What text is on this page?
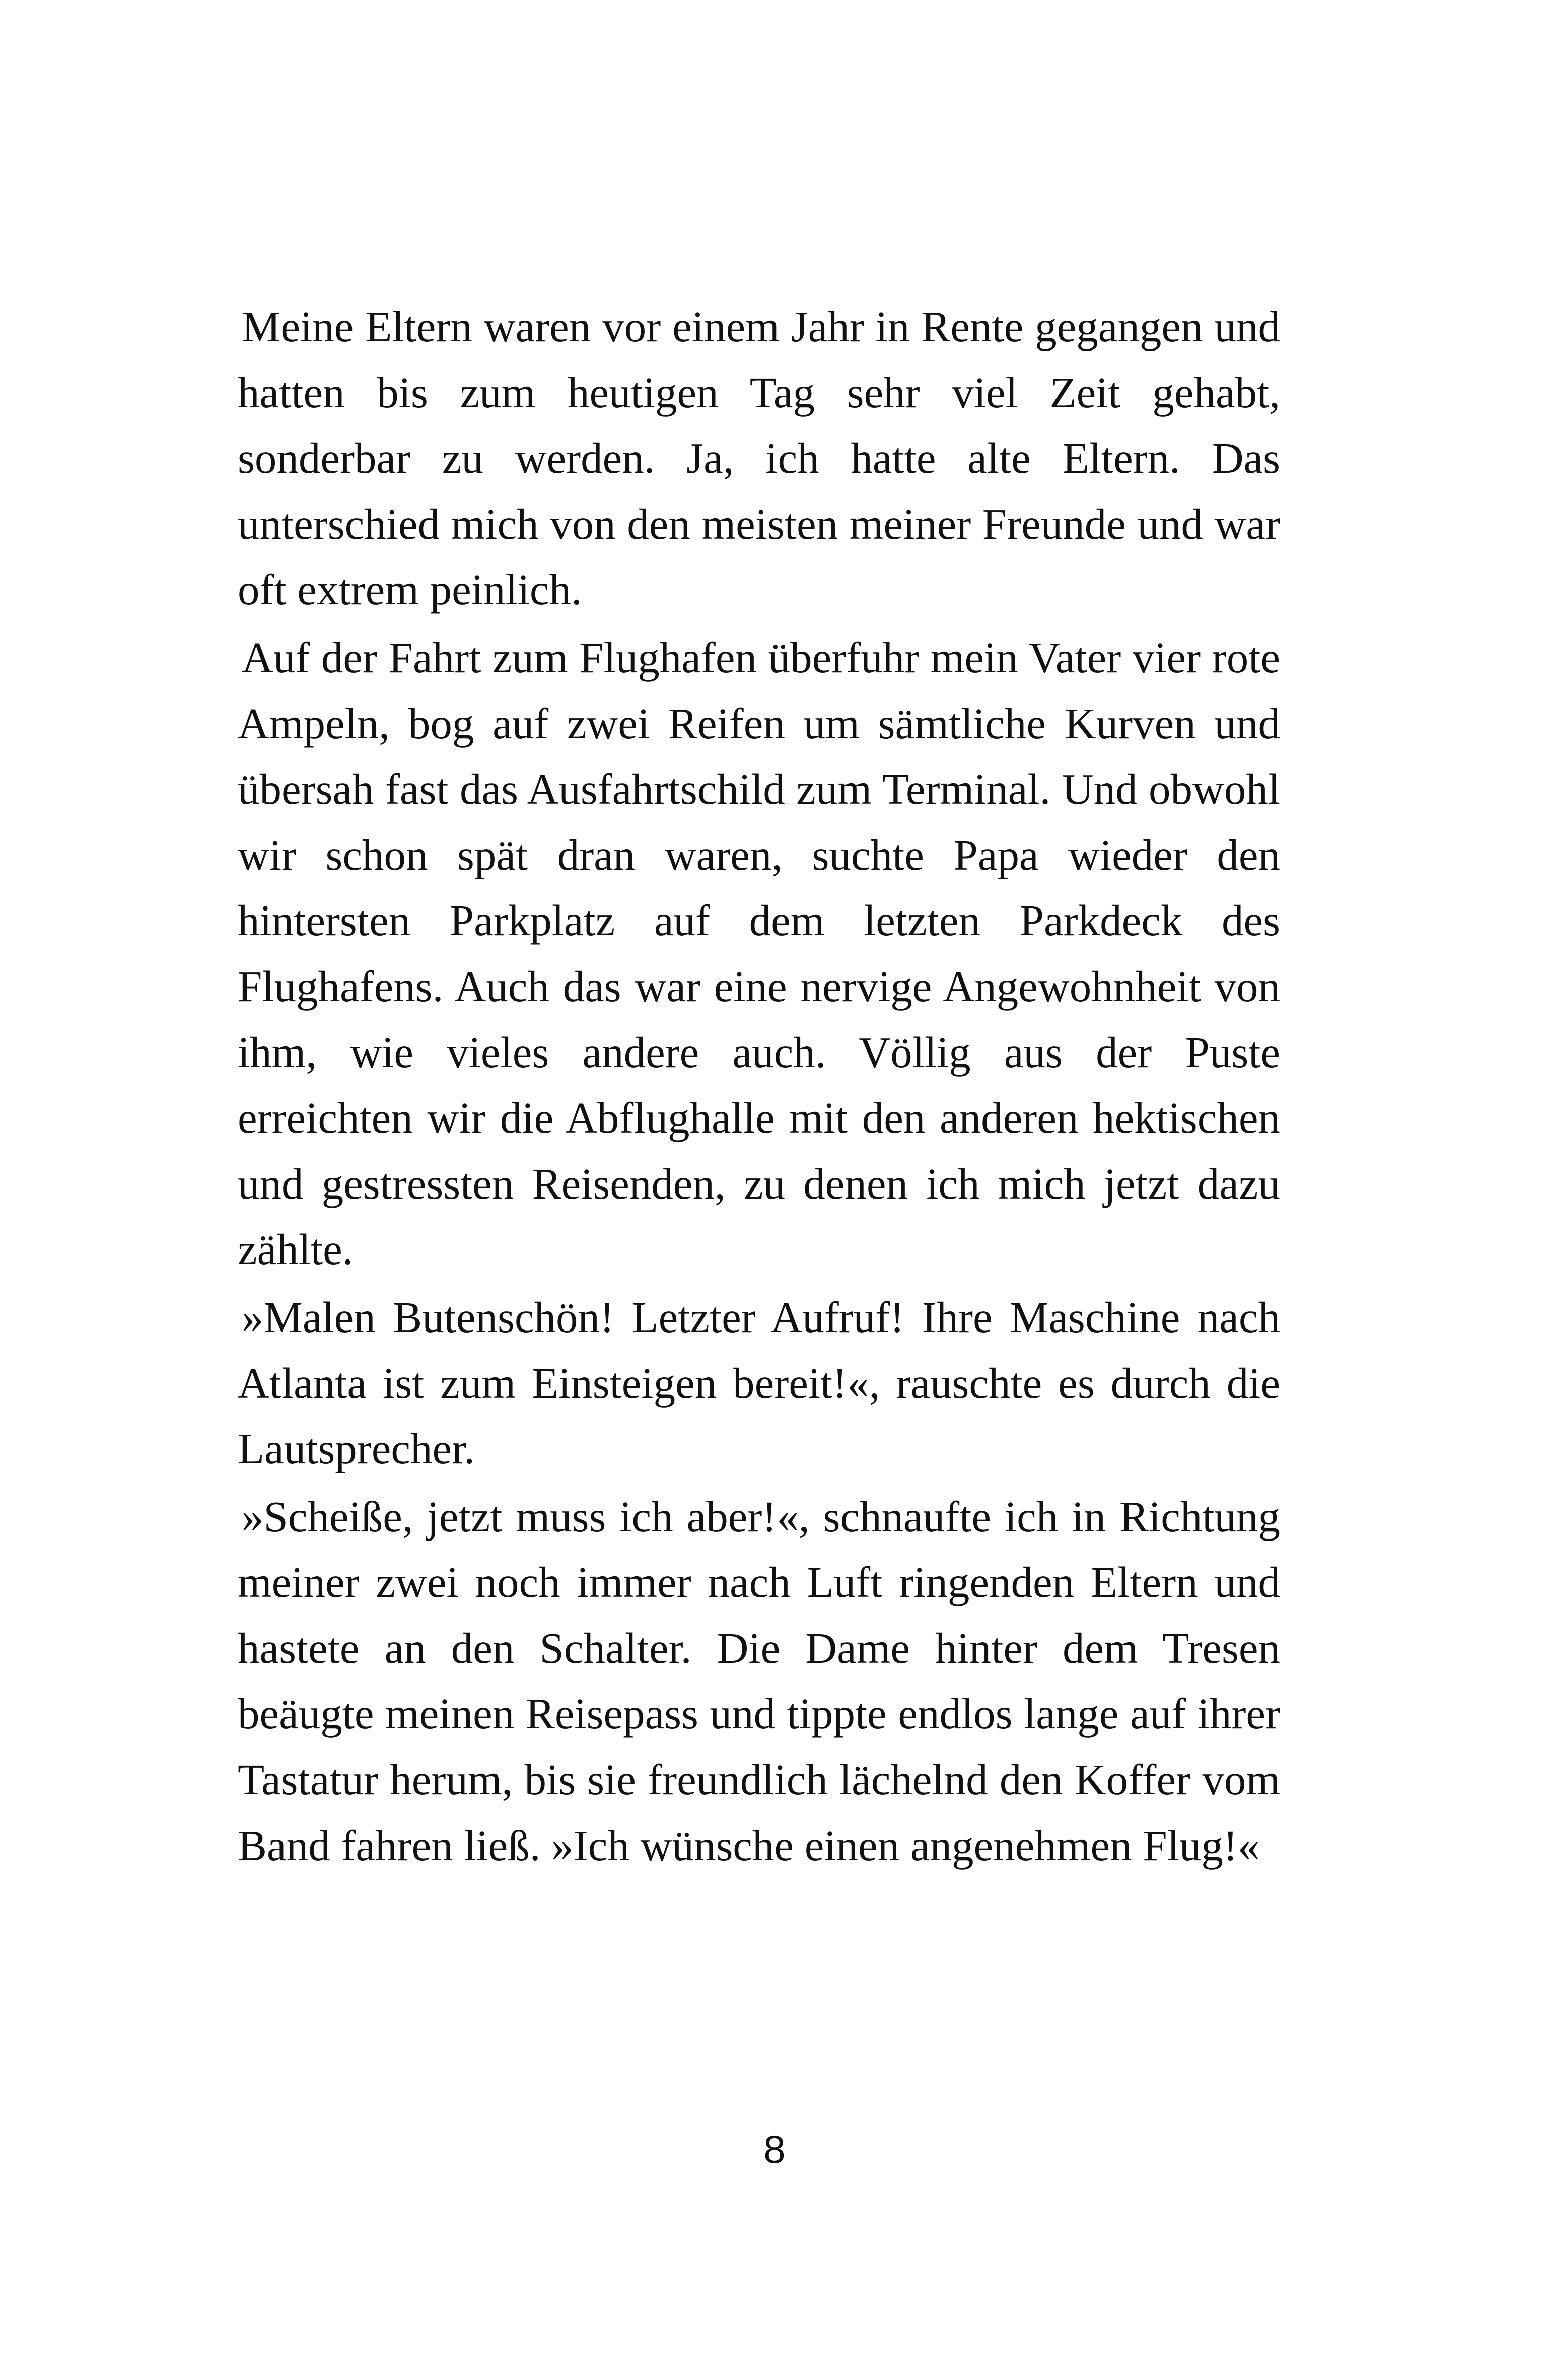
Meine Eltern waren vor einem Jahr in Rente gegangen und hatten bis zum heutigen Tag sehr viel Zeit gehabt, sonderbar zu werden. Ja, ich hatte alte Eltern. Das unterschied mich von den meisten meiner Freunde und war oft extrem peinlich.

Auf der Fahrt zum Flughafen überfuhr mein Vater vier rote Ampeln, bog auf zwei Reifen um sämtliche Kurven und übersah fast das Ausfahrtschild zum Terminal. Und obwohl wir schon spät dran waren, suchte Papa wieder den hintersten Parkplatz auf dem letzten Parkdeck des Flughafens. Auch das war eine nervige Angewohnheit von ihm, wie vieles andere auch. Völlig aus der Puste erreichten wir die Abflughalle mit den anderen hektischen und gestressten Reisenden, zu denen ich mich jetzt dazu zählte.

»Malen Butenschön! Letzter Aufruf! Ihre Maschine nach Atlanta ist zum Einsteigen bereit!«, rauschte es durch die Lautsprecher.

»Scheiße, jetzt muss ich aber!«, schnaufte ich in Richtung meiner zwei noch immer nach Luft ringenden Eltern und hastete an den Schalter. Die Dame hinter dem Tresen beäugte meinen Reisepass und tippte endlos lange auf ihrer Tastatur herum, bis sie freundlich lächelnd den Koffer vom Band fahren ließ. »Ich wünsche einen angenehmen Flug!«

8
